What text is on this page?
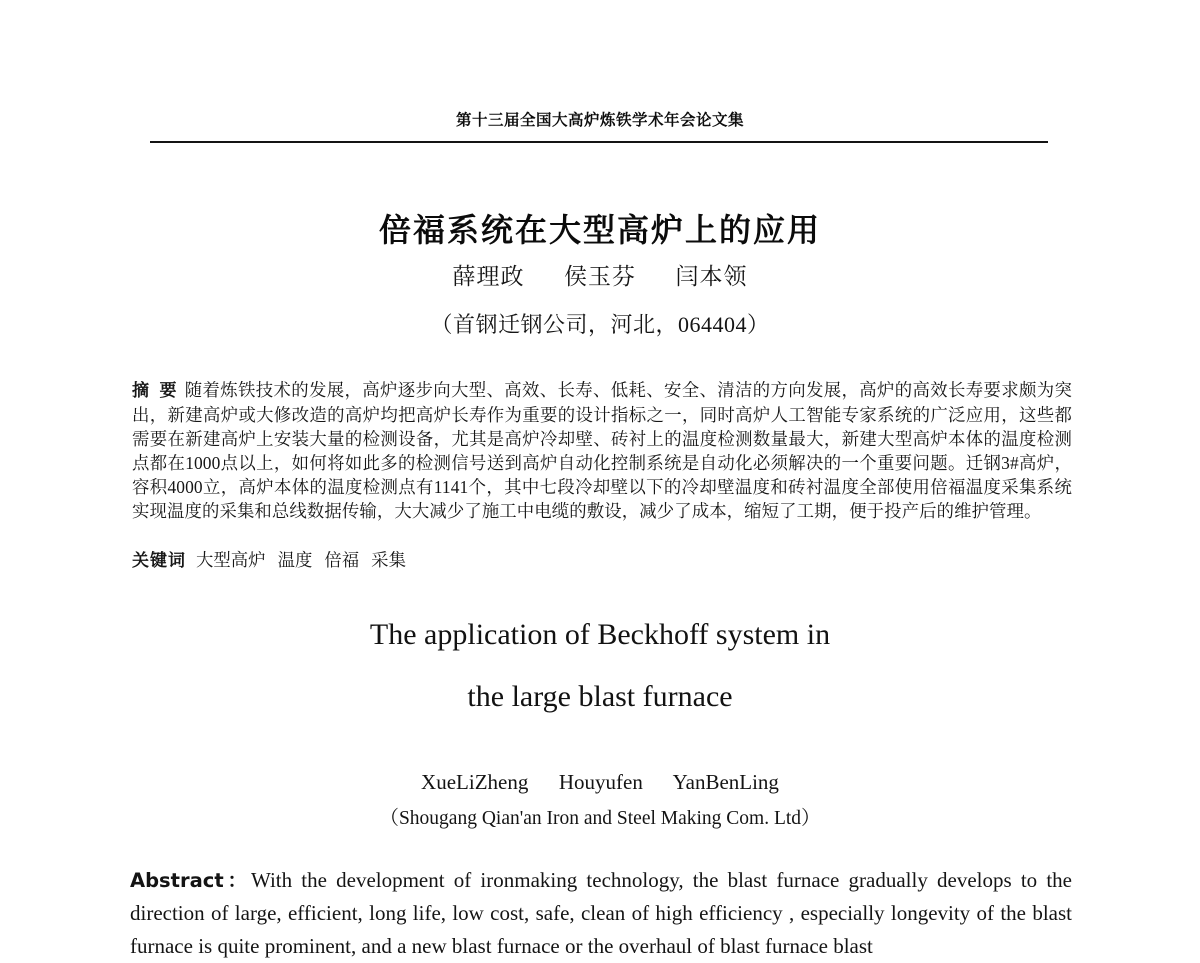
第十三届全国大高炉炼铁学术年会论文集
倍福系统在大型高炉上的应用
薛理政 侯玉芬 闫本领
（首钢迁钢公司，河北，064404）
摘 要 随着炼铁技术的发展，高炉逐步向大型、高效、长寿、低耗、安全、清洁的方向发展，高炉的高效长寿要求颇为突出，新建高炉或大修改造的高炉均把高炉长寿作为重要的设计指标之一，同时高炉人工智能专家系统的广泛应用，这些都需要在新建高炉上安装大量的检测设备，尤其是高炉冷却壁、砖衬上的温度检测数量最大，新建大型高炉本体的温度检测点都在1000点以上，如何将如此多的检测信号送到高炉自动化控制系统是自动化必须解决的一个重要问题。迁钢3#高炉，容积4000立，高炉本体的温度检测点有1141个，其中七段冷却壁以下的冷却壁温度和砖衬温度全部使用倍福温度采集系统实现温度的采集和总线数据传输，大大减少了施工中电缆的敷设，减少了成本，缩短了工期，便于投产后的维护管理。
关键词 大型高炉 温度 倍福 采集
The application of Beckhoff system in
the large blast furnace
XueLiZheng Houyufen YanBenLing
（Shougang Qian'an Iron and Steel Making Com. Ltd）
Abstract：With the development of ironmaking technology, the blast furnace gradually develops to the direction of large, efficient, long life, low cost, safe, clean of high efficiency , especially longevity of the blast furnace is quite prominent, and a new blast furnace or the overhaul of blast furnace blast
